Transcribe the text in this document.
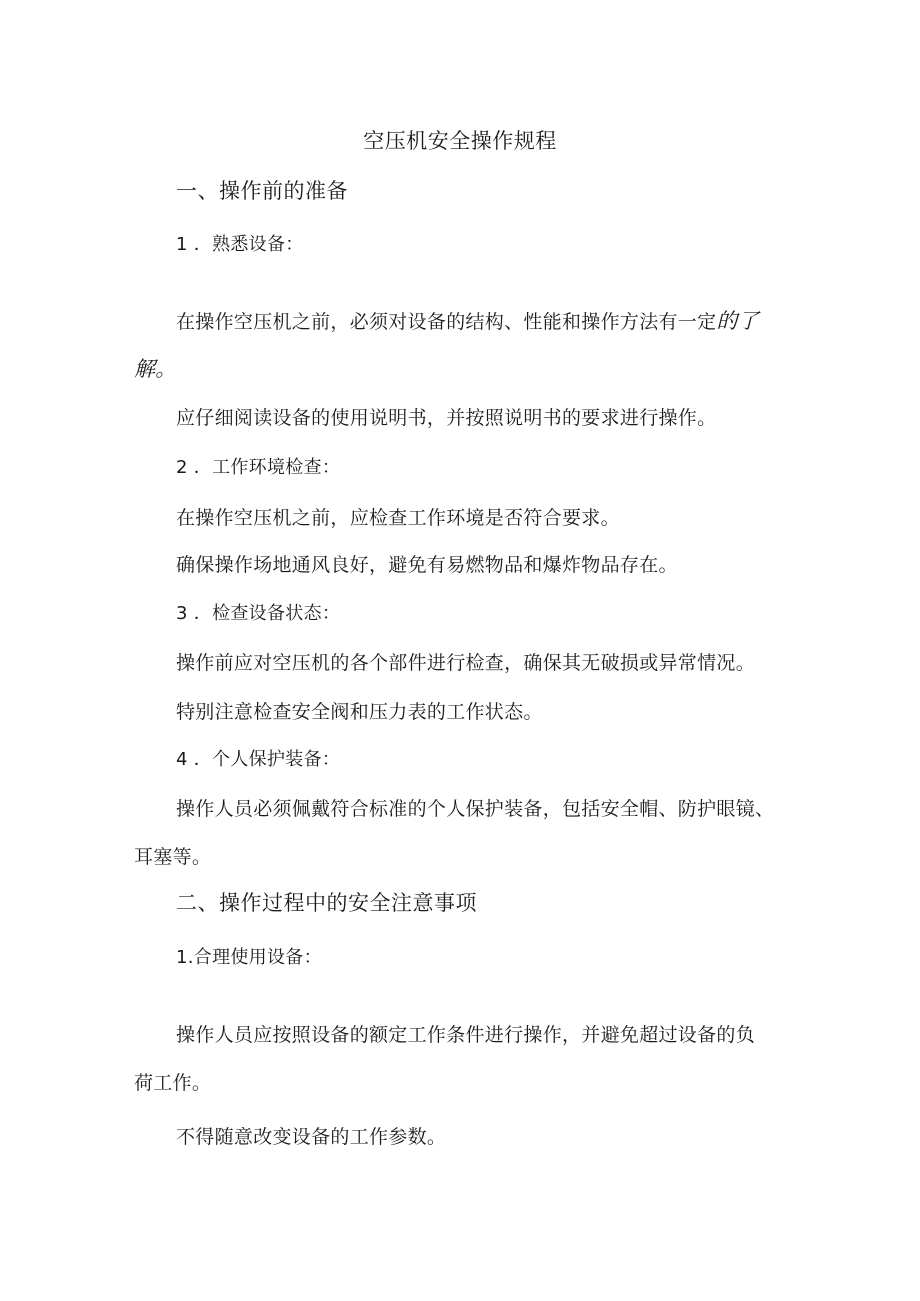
空压机安全操作规程
一、操作前的准备
1 ．熟悉设备：
在操作空压机之前，必须对设备的结构、性能和操作方法有一定的了
解。
应仔细阅读设备的使用说明书，并按照说明书的要求进行操作。
2 ．工作环境检查：
在操作空压机之前，应检查工作环境是否符合要求。
确保操作场地通风良好，避免有易燃物品和爆炸物品存在。
3 ．检查设备状态：
操作前应对空压机的各个部件进行检查，确保其无破损或异常情况。
特别注意检查安全阀和压力表的工作状态。
4 ．个人保护装备：
操作人员必须佩戴符合标准的个人保护装备，包括安全帽、防护眼镜、
耳塞等。
二、操作过程中的安全注意事项
1.合理使用设备：
操作人员应按照设备的额定工作条件进行操作，并避免超过设备的负
荷工作。
不得随意改变设备的工作参数。
